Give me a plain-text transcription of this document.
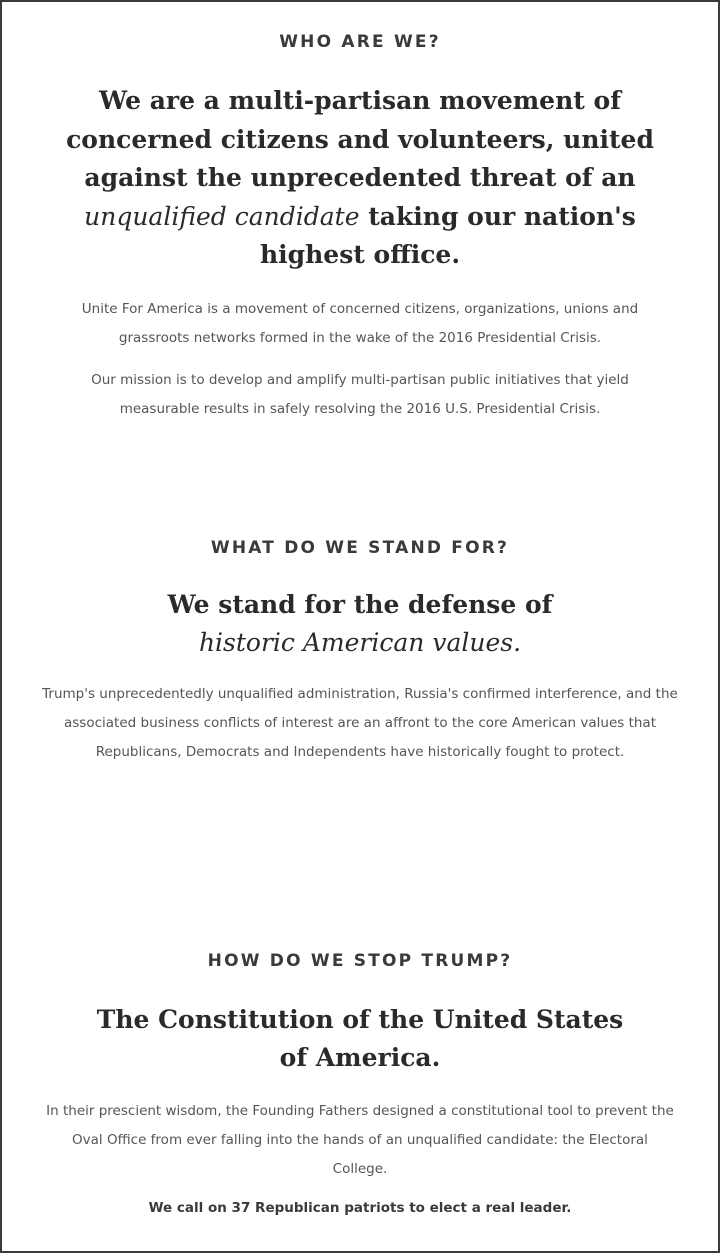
WHO ARE WE?
We are a multi-partisan movement of concerned citizens and volunteers, united against the unprecedented threat of an unqualified candidate taking our nation's highest office.

Unite For America is a movement of concerned citizens, organizations, unions and grassroots networks formed in the wake of the 2016 Presidential Crisis.

Our mission is to develop and amplify multi-partisan public initiatives that yield measurable results in safely resolving the 2016 U.S. Presidential Crisis.

WHAT DO WE STAND FOR?
We stand for the defense of
historic American values.

Trump's unprecedentedly unqualified administration, Russia's confirmed interference, and the associated business conflicts of interest are an affront to the core American values that Republicans, Democrats and Independents have historically fought to protect.

HOW DO WE STOP TRUMP?
The Constitution of the United States of America.

In their prescient wisdom, the Founding Fathers designed a constitutional tool to prevent the Oval Office from ever falling into the hands of an unqualified candidate: the Electoral College.

We call on 37 Republican patriots to elect a real leader.
